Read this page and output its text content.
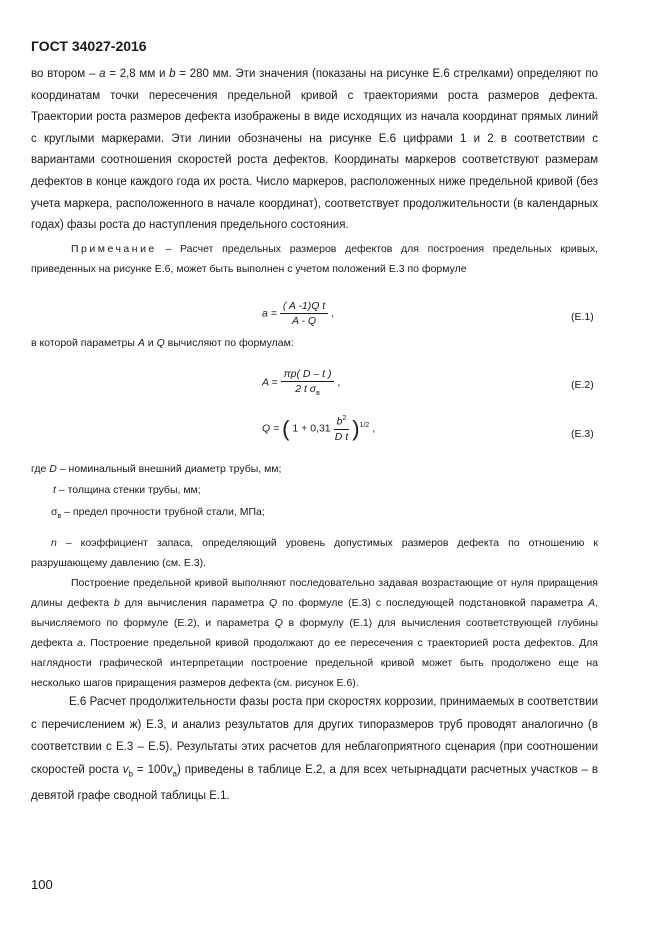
ГОСТ 34027-2016
во втором – a = 2,8 мм и b = 280 мм. Эти значения (показаны на рисунке Е.6 стрелками) определяют по координатам точки пересечения предельной кривой с траекториями роста размеров дефекта. Траектории роста размеров дефекта изображены в виде исходящих из начала координат прямых линий с круглыми маркерами. Эти линии обозначены на рисунке Е.6 цифрами 1 и 2 в соответствии с вариантами соотношения скоростей роста дефектов. Координаты маркеров соответствуют размерам дефектов в конце каждого года их роста. Число маркеров, расположенных ниже предельной кривой (без учета маркера, расположенного в начале координат), соответствует продолжительности (в календарных годах) фазы роста до наступления предельного состояния.
Примечание – Расчет предельных размеров дефектов для построения предельных кривых, приведенных на рисунке Е.6, может быть выполнен с учетом положений Е.3 по формуле
$a = \frac{\text{( A -1)Q t}}{A - Q}$ ,	(Е.1)
в которой параметры A и Q вычисляют по формулам:
$A = \frac{\pi p( D - t )}{2 t \sigma_в}$ ,	(Е.2)
Q = ( $1 + 0,31 \frac{b^2}{\text{D t}} )^{1/2}$ ,	(Е.3)
где D – номинальный внешний диаметр трубы, мм;
t – толщина стенки трубы, мм;
$\sigma_в$ – предел прочности трубной стали, МПа;
n – коэффициент запаса, определяющий уровень допустимых размеров дефекта по отношению к разрушающему давлению (см. Е.3).
Построение предельной кривой выполняют последовательно задавая возрастающие от нуля приращения длины дефекта b для вычисления параметра Q по формуле (Е.3) с последующей подстановкой параметра A, вычисляемого по формуле (Е.2), и параметра Q в формулу (Е.1) для вычисления соответствующей глубины дефекта a. Построение предельной кривой продолжают до ее пересечения с траекторией роста дефектов. Для наглядности графической интерпретации построение предельной кривой может быть продолжено еще на несколько шагов приращения размеров дефекта (см. рисунок Е.6).
Е.6 Расчет продолжительности фазы роста при скоростях коррозии, принимаемых в соответствии с перечислением ж) Е.3, и анализ результатов для других типоразмеров труб проводят аналогично (в соответствии с Е.3 – Е.5). Результаты этих расчетов для неблагоприятного сценария (при соотношении скоростей роста $v_b = 100v_a$) приведены в таблице Е.2, а для всех четырнадцати расчетных участков – в девятой графе сводной таблицы Е.1.
100
